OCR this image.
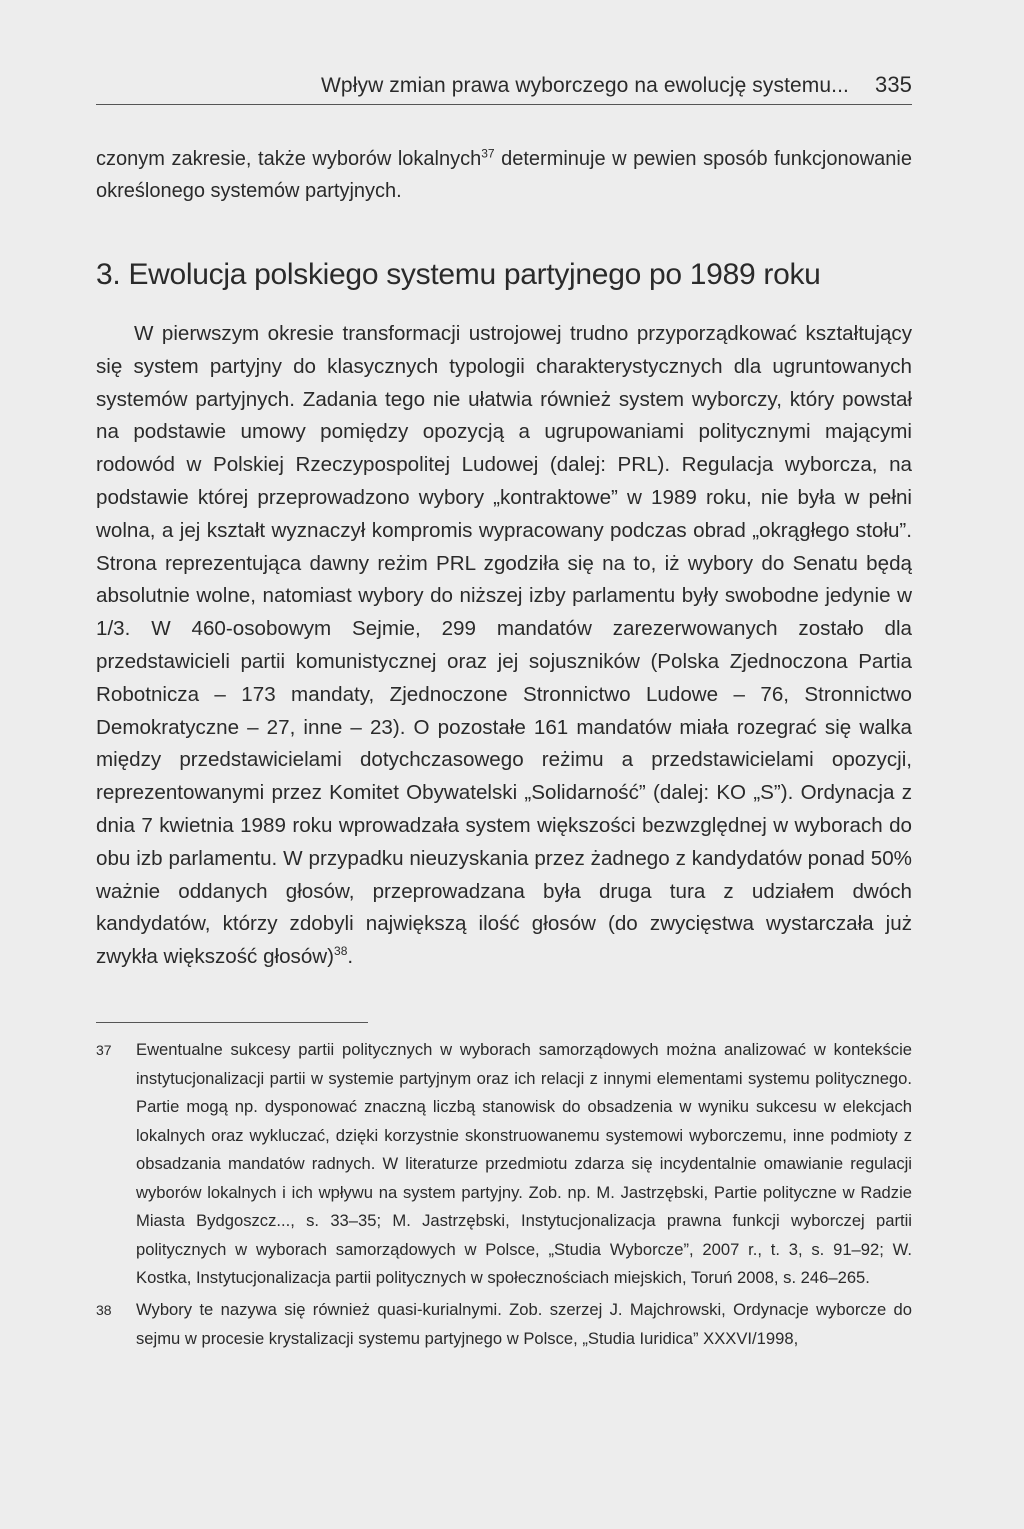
Wpływ zmian prawa wyborczego na ewolucję systemu... 335
czonym zakresie, także wyborów lokalnych$^{37}$ determinuje w pewien sposób funkcjonowanie określonego systemów partyjnych.
3. Ewolucja polskiego systemu partyjnego po 1989 roku

W pierwszym okresie transformacji ustrojowej trudno przyporządkować kształtujący się system partyjny do klasycznych typologii charakterystycznych dla ugruntowanych systemów partyjnych. Zadania tego nie ułatwia również system wyborczy, który powstał na podstawie umowy pomiędzy opozycją a ugrupowaniami politycznymi mającymi rodowód w Polskiej Rzeczypospolitej Ludowej (dalej: PRL). Regulacja wyborcza, na podstawie której przeprowadzono wybory „kontraktowe” w 1989 roku, nie była w pełni wolna, a jej kształt wyznaczył kompromis wypracowany podczas obrad „okrągłego stołu”. Strona reprezentująca dawny reżim PRL zgodziła się na to, iż wybory do Senatu będą absolutnie wolne, natomiast wybory do niższej izby parlamentu były swobodne jedynie w 1/3. W 460-osobowym Sejmie, 299 mandatów zarezerwowanych zostało dla przedstawicieli partii komunistycznej oraz jej sojuszników (Polska Zjednoczona Partia Robotnicza – 173 mandaty, Zjednoczone Stronnictwo Ludowe – 76, Stronnictwo Demokratyczne – 27, inne – 23). O pozostałe 161 mandatów miała rozegrać się walka między przedstawicielami dotychczasowego reżimu a przedstawicielami opozycji, reprezentowanymi przez Komitet Obywatelski „Solidarność” (dalej: KO „S”). Ordynacja z dnia 7 kwietnia 1989 roku wprowadzała system większości bezwzględnej w wyborach do obu izb parlamentu. W przypadku nieuzyskania przez żadnego z kandydatów ponad 50% ważnie oddanych głosów, przeprowadzana była druga tura z udziałem dwóch kandydatów, którzy zdobyli największą ilość głosów (do zwycięstwa wystarczała już zwykła większość głosów)$^{38}$.

37 Ewentualne sukcesy partii politycznych w wyborach samorządowych można analizować w kontekście instytucjonalizacji partii w systemie partyjnym oraz ich relacji z innymi elementami systemu politycznego. Partie mogą np. dysponować znaczną liczbą stanowisk do obsadzenia w wyniku sukcesu w elekcjach lokalnych oraz wykluczać, dzięki korzystnie skonstruowanemu systemowi wyborczemu, inne podmioty z obsadzania mandatów radnych. W literaturze przedmiotu zdarza się incydentalnie omawianie regulacji wyborów lokalnych i ich wpływu na system partyjny. Zob. np. M. Jastrzębski, Partie polityczne w Radzie Miasta Bydgoszcz..., s. 33–35; M. Jastrzębski, Instytucjonalizacja prawna funkcji wyborczej partii politycznych w wyborach samorządowych w Polsce, „Studia Wyborcze”, 2007 r., t. 3, s. 91–92; W. Kostka, Instytucjonalizacja partii politycznych w społecznościach miejskich, Toruń 2008, s. 246–265.
38 Wybory te nazywa się również quasi-kurialnymi. Zob. szerzej J. Majchrowski, Ordynacje wyborcze do sejmu w procesie krystalizacji systemu partyjnego w Polsce, „Studia Iuridica” XXXVI/1998,
